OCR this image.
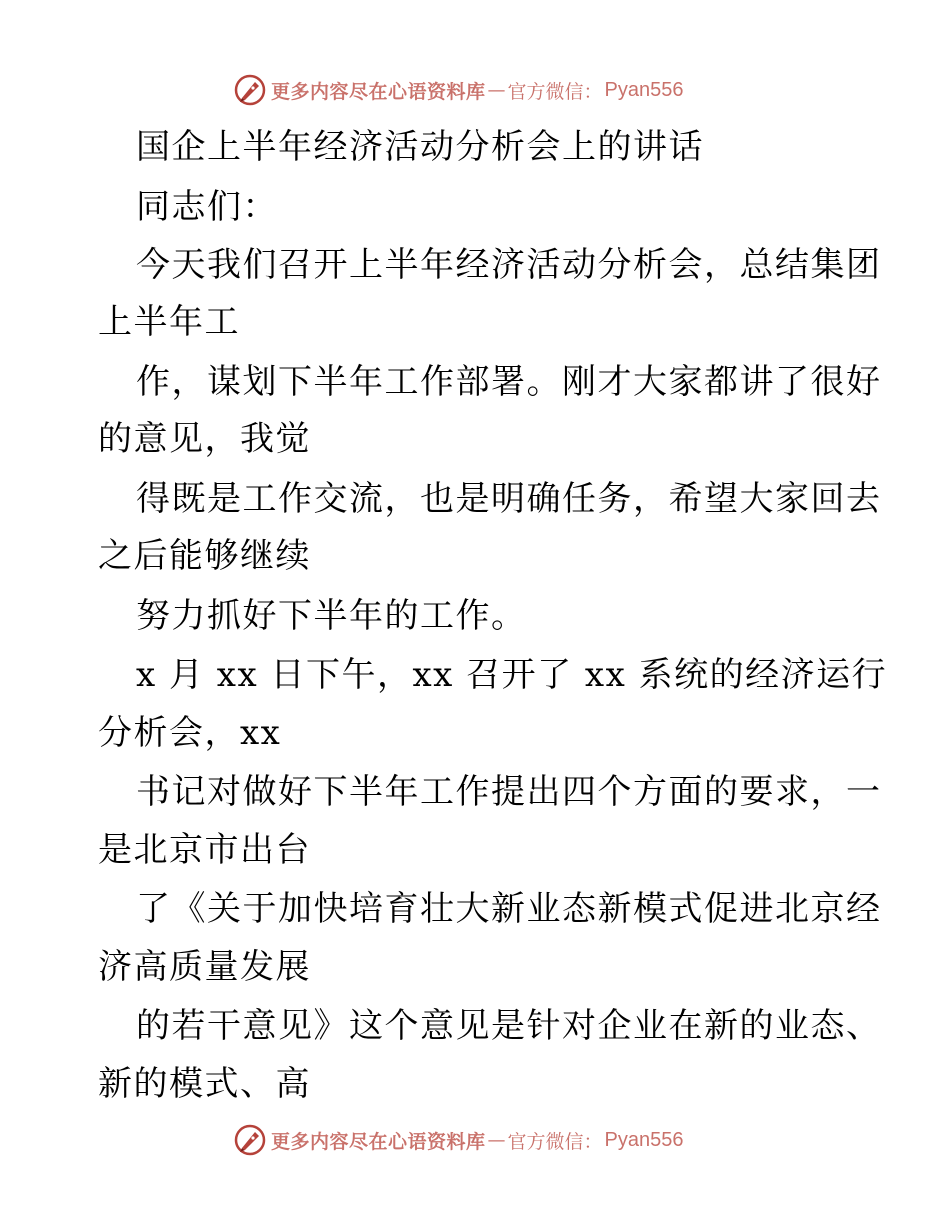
更多内容尽在心语资料库 — 官方微信： Pyan556
国企上半年经济活动分析会上的讲话
同志们：
今天我们召开上半年经济活动分析会，总结集团
上半年工
作，谋划下半年工作部署。刚才大家都讲了很好
的意见，我觉
得既是工作交流，也是明确任务，希望大家回去
之后能够继续
努力抓好下半年的工作。
x 月 xx 日下午，xx 召开了 xx 系统的经济运行
分析会，xx
书记对做好下半年工作提出四个方面的要求，一
是北京市出台
了《关于加快培育壮大新业态新模式促进北京经
济高质量发展
的若干意见》这个意见是针对企业在新的业态、
新的模式、高
更多内容尽在心语资料库 — 官方微信： Pyan556
